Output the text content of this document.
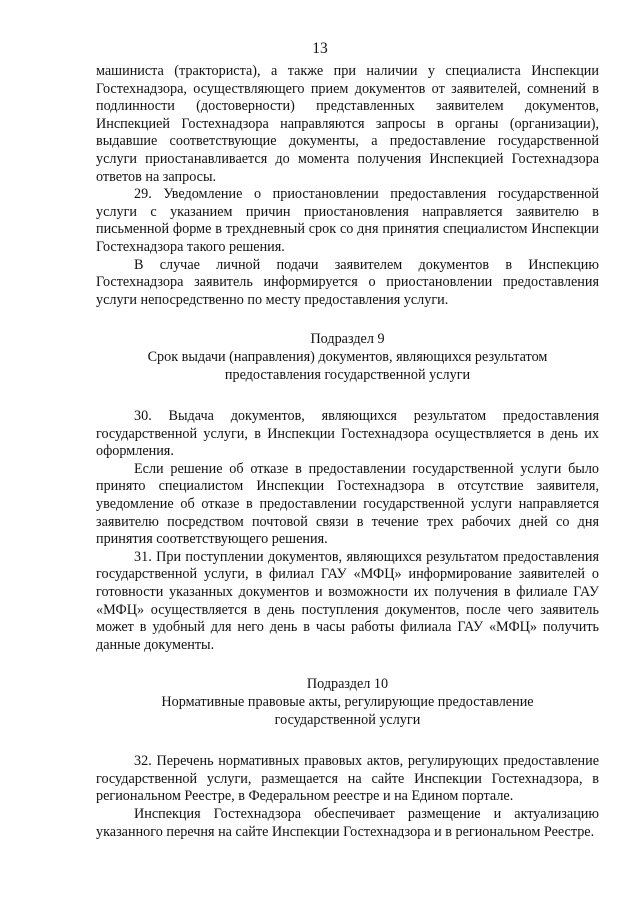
13

машиниста (тракториста), а также при наличии у специалиста Инспекции Гостехнадзора, осуществляющего прием документов от заявителей, сомнений в подлинности (достоверности) представленных заявителем документов, Инспекцией Гостехнадзора направляются запросы в органы (организации), выдавшие соответствующие документы, а предоставление государственной услуги приостанавливается до момента получения Инспекцией Гостехнадзора ответов на запросы.

29. Уведомление о приостановлении предоставления государственной услуги с указанием причин приостановления направляется заявителю в письменной форме в трехдневный срок со дня принятия специалистом Инспекции Гостехнадзора такого решения.

В случае личной подачи заявителем документов в Инспекцию Гостехнадзора заявитель информируется о приостановлении предоставления услуги непосредственно по месту предоставления услуги.

Подраздел 9

Срок выдачи (направления) документов, являющихся результатом предоставления государственной услуги

30. Выдача документов, являющихся результатом предоставления государственной услуги, в Инспекции Гостехнадзора осуществляется в день их оформления.

Если решение об отказе в предоставлении государственной услуги было принято специалистом Инспекции Гостехнадзора в отсутствие заявителя, уведомление об отказе в предоставлении государственной услуги направляется заявителю посредством почтовой связи в течение трех рабочих дней со дня принятия соответствующего решения.

31. При поступлении документов, являющихся результатом предоставления государственной услуги, в филиал ГАУ «МФЦ» информирование заявителей о готовности указанных документов и возможности их получения в филиале ГАУ «МФЦ» осуществляется в день поступления документов, после чего заявитель может в удобный для него день в часы работы филиала ГАУ «МФЦ» получить данные документы.

Подраздел 10

Нормативные правовые акты, регулирующие предоставление государственной услуги

32. Перечень нормативных правовых актов, регулирующих предоставление государственной услуги, размещается на сайте Инспекции Гостехнадзора, в региональном Реестре, в Федеральном реестре и на Едином портале.

Инспекция Гостехнадзора обеспечивает размещение и актуализацию указанного перечня на сайте Инспекции Гостехнадзора и в региональном Реестре.
